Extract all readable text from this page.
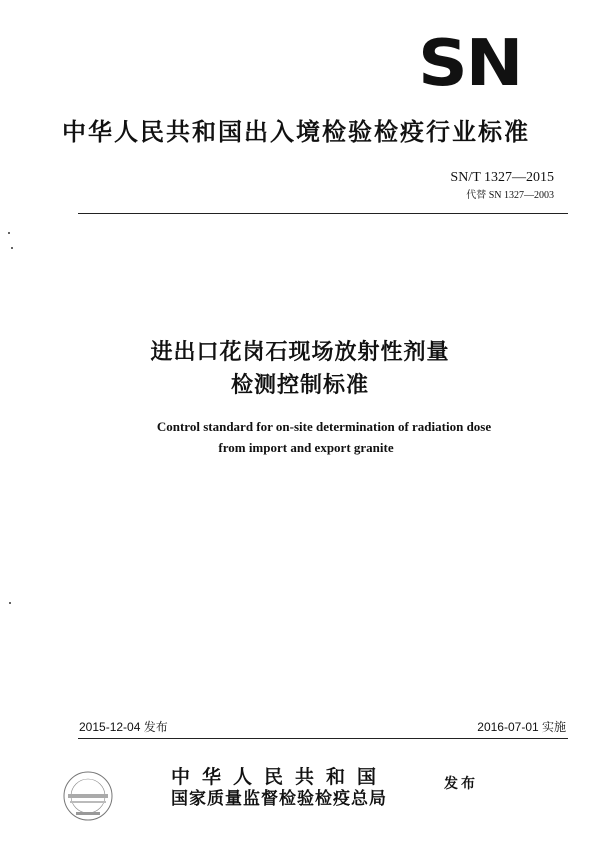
SN
中华人民共和国出入境检验检疫行业标准
SN/T 1327—2015
代替 SN 1327—2003
进出口花岗石现场放射性剂量
检测控制标准
Control standard for on-site determination of radiation dose
from import and export granite
2015-12-04 发布	2016-07-01 实施
中华人民共和国
国家质量监督检验检疫总局
发布
